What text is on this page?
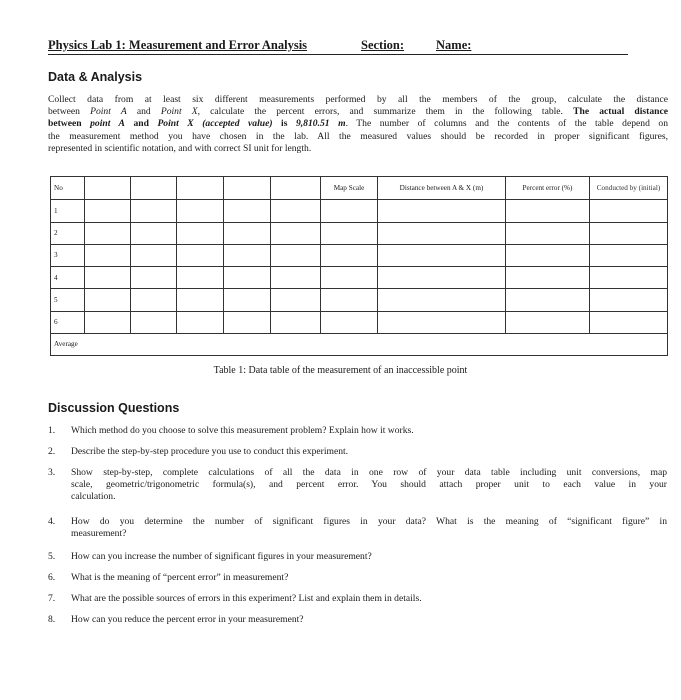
Physics Lab 1: Measurement and Error Analysis	Section:	Name:
Data & Analysis
Collect data from at least six different measurements performed by all the members of the group, calculate the distance
between Point A and Point X, calculate the percent errors, and summarize them in the following table. The actual distance
between point A and Point X (accepted value) is 9,810.51 m. The number of columns and the contents of the table depend on
the measurement method you have chosen in the lab. All the measured values should be recorded in proper significant figures,
represented in scientific notation, and with correct SI unit for length.
No						Map Scale	Distance between A & X (m)	Percent error (%)	Conducted by (initial)
1									
2									
3									
4									
5									
6									
Average									
Table 1: Data table of the measurement of an inaccessible point
Discussion Questions
1. Which method do you choose to solve this measurement problem? Explain how it works.
2. Describe the step-by-step procedure you use to conduct this experiment.
3. Show step-by-step, complete calculations of all the data in one row of your data table including unit conversions, map
scale, geometric/trigonometric formula(s), and percent error. You should attach proper unit to each value in your
calculation.
4. How do you determine the number of significant figures in your data? What is the meaning of “significant figure” in
measurement?
5. How can you increase the number of significant figures in your measurement?
6. What is the meaning of “percent error” in measurement?
7. What are the possible sources of errors in this experiment? List and explain them in details.
8. How can you reduce the percent error in your measurement?
